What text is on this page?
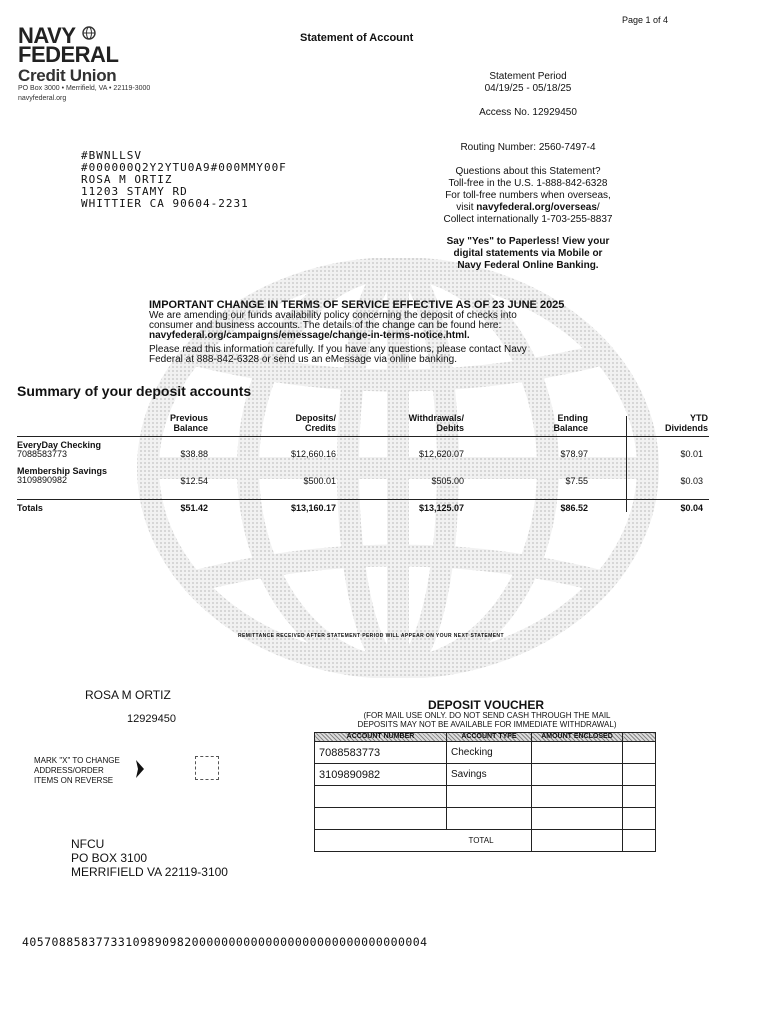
NAVY FEDERAL
Credit Union
PO Box 3000 • Merrifield, VA • 22119-3000
navyfederal.org
Page 1 of 4
Statement of Account
Statement Period
04/19/25 - 05/18/25
Access No. 12929450
Routing Number: 2560-7497-4
Questions about this Statement?
Toll-free in the U.S. 1-888-842-6328
For toll-free numbers when overseas,
visit navyfederal.org/overseas/
Collect internationally 1-703-255-8837
Say "Yes" to Paperless! View your
digital statements via Mobile or
Navy Federal Online Banking.
#BWNLLSV
#000000Q2Y2YTU0A9#000MMY00F
ROSA M ORTIZ
11203 STAMY RD
WHITTIER CA 90604-2231
IMPORTANT CHANGE IN TERMS OF SERVICE EFFECTIVE AS OF 23 JUNE 2025
We are amending our funds availability policy concerning the deposit of checks into
consumer and business accounts. The details of the change can be found here:
navyfederal.org/campaigns/emessage/change-in-terms-notice.html.
Please read this information carefully. If you have any questions, please contact Navy
Federal at 888-842-6328 or send us an eMessage via online banking.
Summary of your deposit accounts
Previous
Balance
Deposits/
Credits
Withdrawals/
Debits
Ending
Balance
YTD
Dividends
EveryDay Checking
7088583773	$38.88	$12,660.16	$12,620.07	$78.97	$0.01
Membership Savings
3109890982	$12.54	$500.01	$505.00	$7.55	$0.03
Totals	$51.42	$13,160.17	$13,125.07	$86.52	$0.04
REMITTANCE RECEIVED AFTER STATEMENT PERIOD WILL APPEAR ON YOUR NEXT STATEMENT
ROSA M ORTIZ
12929450
DEPOSIT VOUCHER
(FOR MAIL USE ONLY. DO NOT SEND CASH THROUGH THE MAIL
DEPOSITS MAY NOT BE AVAILABLE FOR IMMEDIATE WITHDRAWAL)
MARK "X" TO CHANGE
ADDRESS/ORDER
ITEMS ON REVERSE
ACCOUNT NUMBER	ACCOUNT TYPE	AMOUNT ENCLOSED	
7088583773	Checking		
3109890982	Savings		

TOTAL			
NFCU
PO BOX 3100
MERRIFIELD VA 22119-3100
4057088583773310989098200000000000000000000000000000004
